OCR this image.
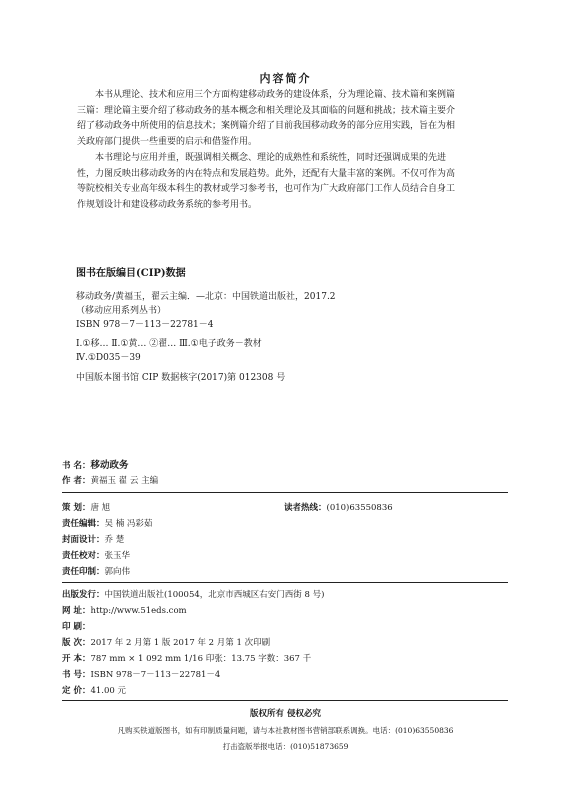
内容简介
本书从理论、技术和应用三个方面构建移动政务的建设体系，分为理论篇、技术篇和案例篇
三篇：理论篇主要介绍了移动政务的基本概念和相关理论及其面临的问题和挑战；技术篇主要介
绍了移动政务中所使用的信息技术；案例篇介绍了目前我国移动政务的部分应用实践，旨在为相
关政府部门提供一些重要的启示和借鉴作用。
本书理论与应用并重，既强调相关概念、理论的成熟性和系统性，同时还强调成果的先进
性，力图反映出移动政务的内在特点和发展趋势。此外，还配有大量丰富的案例。不仅可作为高
等院校相关专业高年级本科生的教材或学习参考书，也可作为广大政府部门工作人员结合自身工
作规划设计和建设移动政务系统的参考用书。
图书在版编目(CIP)数据
移动政务/黄福玉，翟云主编．—北京：中国铁道出版社，2017.2
（移动应用系列丛书）
ISBN 978－7－113－22781－4
Ⅰ.①移… Ⅱ.①黄… ②翟… Ⅲ.①电子政务－教材
Ⅳ.①D035－39
中国版本图书馆 CIP 数据核字(2017)第 012308 号
书 名：移动政务
作 者：黄福玉 翟 云 主编
策 划：唐 旭	读者热线：(010)63550836
责任编辑：吴 楠 冯彩茹
封面设计：乔 楚
责任校对：张玉华
责任印制：郭向伟
出版发行：中国铁道出版社(100054，北京市西城区右安门西街 8 号)
网 址：http://www.51eds.com
印 刷：
版 次：2017 年 2 月第 1 版 2017 年 2 月第 1 次印刷
开 本：787 mm × 1 092 mm 1/16 印张：13.75 字数：367 千
书 号：ISBN 978－7－113－22781－4
定 价：41.00 元
版权所有 侵权必究
凡购买铁道版图书，如有印制质量问题，请与本社教材图书营销部联系调换。电话：(010)63550836
打击盗版举报电话：(010)51873659
